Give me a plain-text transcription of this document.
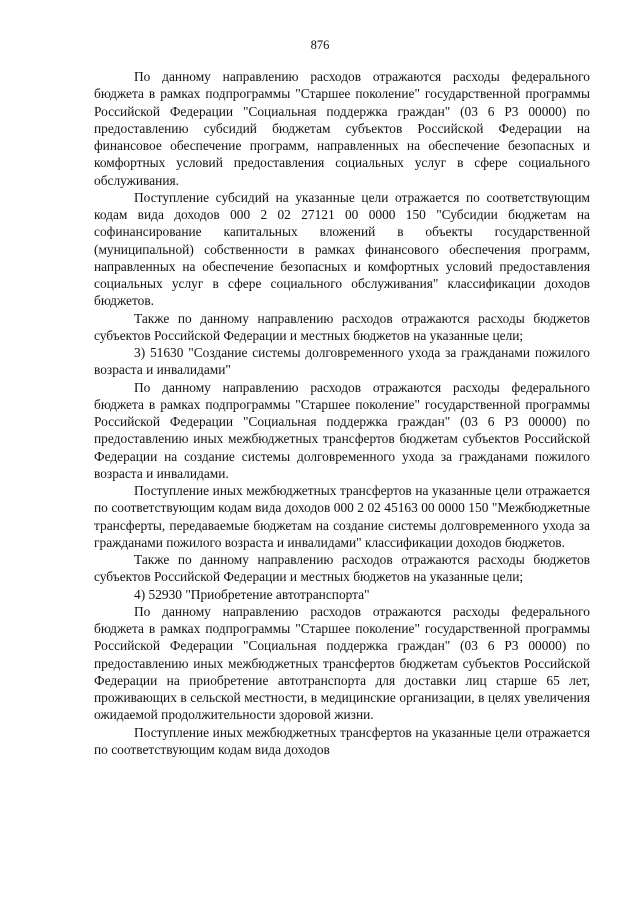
876

По данному направлению расходов отражаются расходы федерального бюджета в рамках подпрограммы "Старшее поколение" государственной программы Российской Федерации "Социальная поддержка граждан" (03 6 P3 00000) по предоставлению субсидий бюджетам субъектов Российской Федерации на финансовое обеспечение программ, направленных на обеспечение безопасных и комфортных условий предоставления социальных услуг в сфере социального обслуживания.

Поступление субсидий на указанные цели отражается по соответствующим кодам вида доходов 000 2 02 27121 00 0000 150 "Субсидии бюджетам на софинансирование капитальных вложений в объекты государственной (муниципальной) собственности в рамках финансового обеспечения программ, направленных на обеспечение безопасных и комфортных условий предоставления социальных услуг в сфере социального обслуживания" классификации доходов бюджетов.

Также по данному направлению расходов отражаются расходы бюджетов субъектов Российской Федерации и местных бюджетов на указанные цели;

3) 51630 "Создание системы долговременного ухода за гражданами пожилого возраста и инвалидами"

По данному направлению расходов отражаются расходы федерального бюджета в рамках подпрограммы "Старшее поколение" государственной программы Российской Федерации "Социальная поддержка граждан" (03 6 P3 00000) по предоставлению иных межбюджетных трансфертов бюджетам субъектов Российской Федерации на создание системы долговременного ухода за гражданами пожилого возраста и инвалидами.

Поступление иных межбюджетных трансфертов на указанные цели отражается по соответствующим кодам вида доходов 000 2 02 45163 00 0000 150 "Межбюджетные трансферты, передаваемые бюджетам на создание системы долговременного ухода за гражданами пожилого возраста и инвалидами" классификации доходов бюджетов.

Также по данному направлению расходов отражаются расходы бюджетов субъектов Российской Федерации и местных бюджетов на указанные цели;

4) 52930 "Приобретение автотранспорта"

По данному направлению расходов отражаются расходы федерального бюджета в рамках подпрограммы "Старшее поколение" государственной программы Российской Федерации "Социальная поддержка граждан" (03 6 P3 00000) по предоставлению иных межбюджетных трансфертов бюджетам субъектов Российской Федерации на приобретение автотранспорта для доставки лиц старше 65 лет, проживающих в сельской местности, в медицинские организации, в целях увеличения ожидаемой продолжительности здоровой жизни.

Поступление иных межбюджетных трансфертов на указанные цели отражается по соответствующим кодам вида доходов
